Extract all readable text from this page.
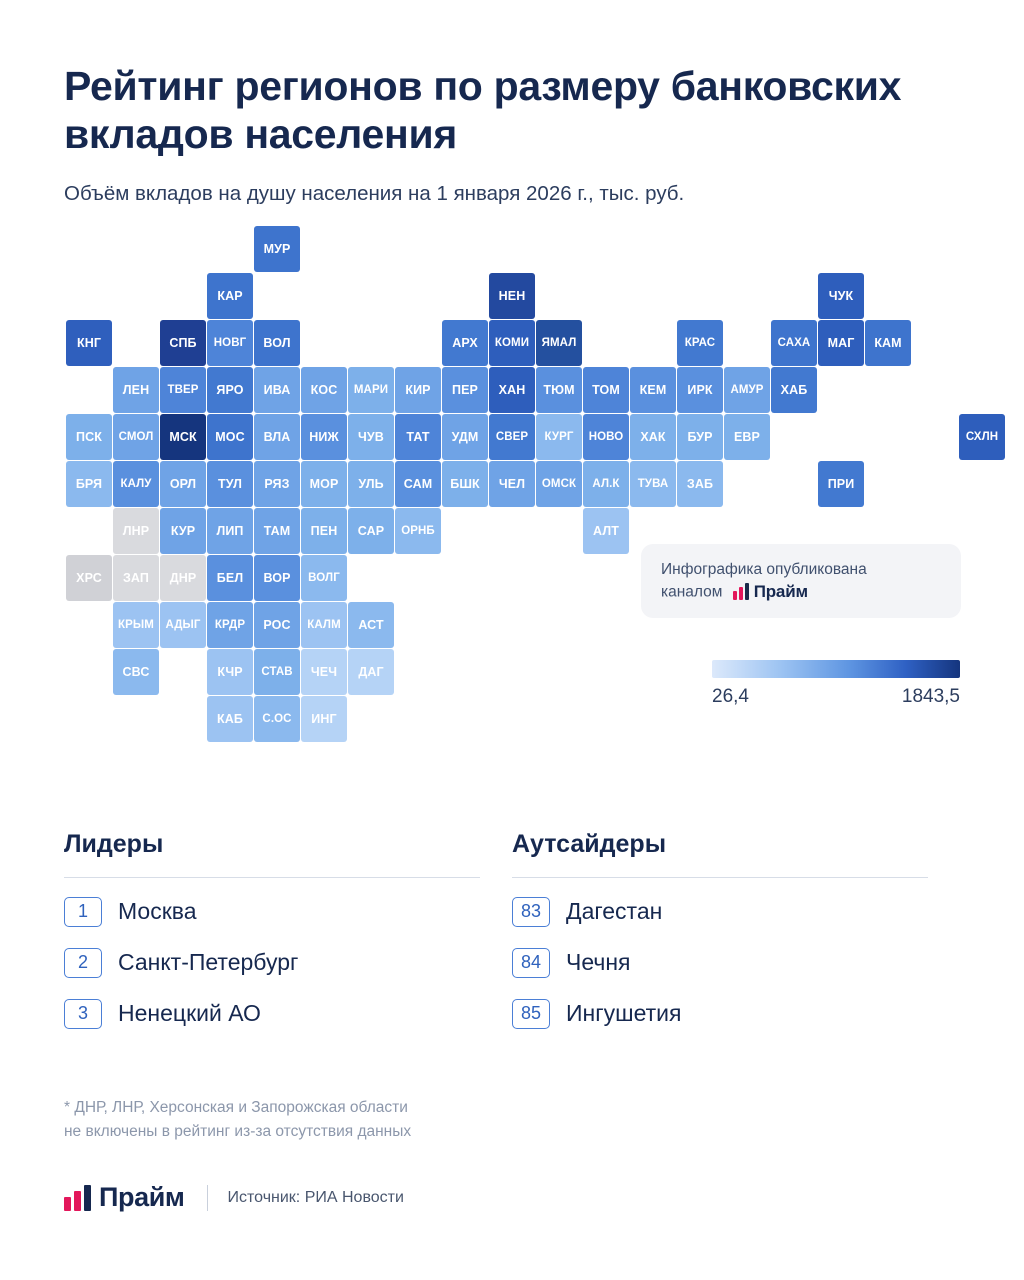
Рейтинг регионов по размеру банковских вкладов населения
Объём вкладов на душу населения на 1 января 2026 г., тыс. руб.
Инфографика опубликована
каналом Прайм
26,4	1843,5
МУР
КАР	НЕН	ЧУК
КНГ	СПБ	НОВГ	ВОЛ	АРХ	КОМИ	ЯМАЛ	КРАС	САХА	МАГ	КАМ
ЛЕН	ТВЕР	ЯРО	ИВА	КОС	МАРИ	КИР	ПЕР	ХАН	ТЮМ	ТОМ	КЕМ	ИРК	АМУР	ХАБ
ПСК	СМОЛ	МСК	МОС	ВЛА	НИЖ	ЧУВ	ТАТ	УДМ	СВЕР	КУРГ	НОВО	ХАК	БУР	ЕВР	СХЛН
БРЯ	КАЛУ	ОРЛ	ТУЛ	РЯЗ	МОР	УЛЬ	САМ	БШК	ЧЕЛ	ОМСК	АЛ.К	ТУВА	ЗАБ	ПРИ
ЛНР	КУР	ЛИП	ТАМ	ПЕН	САР	ОРНБ	АЛТ
ХРС	ЗАП	ДНР	БЕЛ	ВОР	ВОЛГ
КРЫМ АДЫГ	КРДР	РОС	КАЛМ	АСТ
СВС	КЧР	СТАВ	ЧЕЧ	ДАГ
КАБ	С.ОС	ИНГ
Лидеры
1	Москва
2	Санкт-Петербург
3	Ненецкий АО
Аутсайдеры
83	Дагестан
84	Чечня
85	Ингушетия
* ДНР, ЛНР, Херсонская и Запорожская области
не включены в рейтинг из-за отсутствия данных
Прайм	Источник: РИА Новости
